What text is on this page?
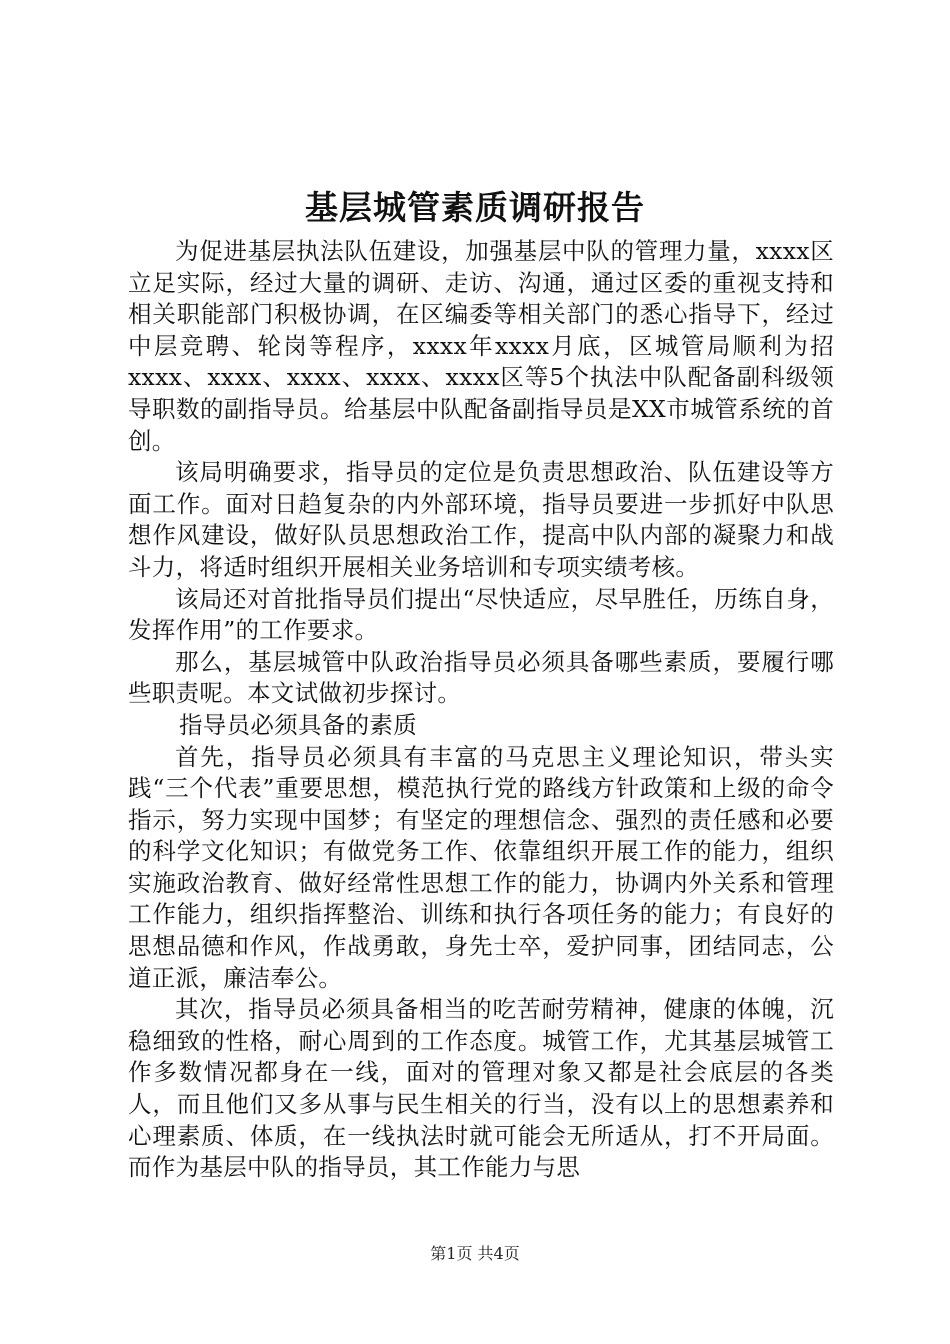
基层城管素质调研报告

为促进基层执法队伍建设，加强基层中队的管理力量，xxxx区立足实际，经过大量的调研、走访、沟通，通过区委的重视支持和相关职能部门积极协调，在区编委等相关部门的悉心指导下，经过中层竞聘、轮岗等程序，xxxx年xxxx月底，区城管局顺利为招xxxx、xxxx、xxxx、xxxx、xxxx区等5个执法中队配备副科级领导职数的副指导员。给基层中队配备副指导员是XX市城管系统的首创。

该局明确要求，指导员的定位是负责思想政治、队伍建设等方面工作。面对日趋复杂的内外部环境，指导员要进一步抓好中队思想作风建设，做好队员思想政治工作，提高中队内部的凝聚力和战斗力，将适时组织开展相关业务培训和专项实绩考核。

该局还对首批指导员们提出“尽快适应，尽早胜任，历练自身，发挥作用”的工作要求。

那么，基层城管中队政治指导员必须具备哪些素质，要履行哪些职责呢。本文试做初步探讨。

指导员必须具备的素质

首先，指导员必须具有丰富的马克思主义理论知识，带头实践“三个代表”重要思想，模范执行党的路线方针政策和上级的命令指示，努力实现中国梦；有坚定的理想信念、强烈的责任感和必要的科学文化知识；有做党务工作、依靠组织开展工作的能力，组织实施政治教育、做好经常性思想工作的能力，协调内外关系和管理工作能力，组织指挥整治、训练和执行各项任务的能力；有良好的思想品德和作风，作战勇敢，身先士卒，爱护同事，团结同志，公道正派，廉洁奉公。

其次，指导员必须具备相当的吃苦耐劳精神，健康的体魄，沉稳细致的性格，耐心周到的工作态度。城管工作，尤其基层城管工作多数情况都身在一线，面对的管理对象又都是社会底层的各类人，而且他们又多从事与民生相关的行当，没有以上的思想素养和心理素质、体质，在一线执法时就可能会无所适从，打不开局面。而作为基层中队的指导员，其工作能力与思

第1页 共4页
